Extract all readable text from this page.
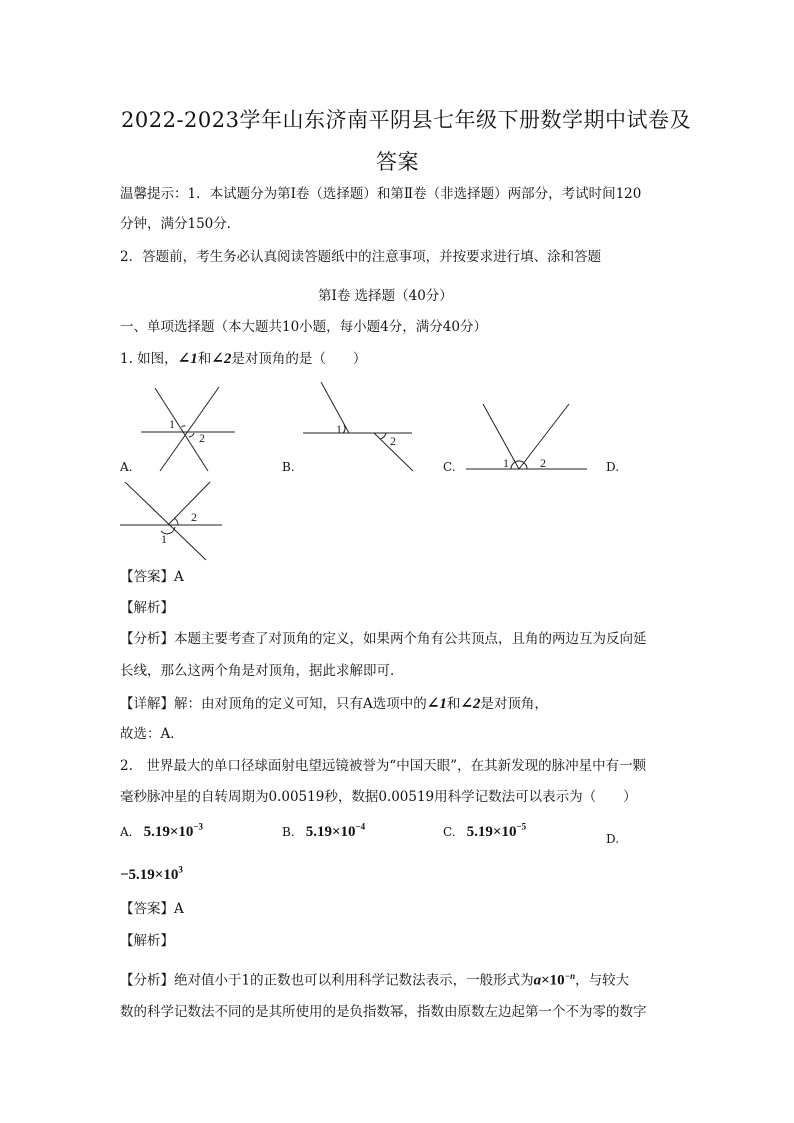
2022-2023学年山东济南平阴县七年级下册数学期中试卷及
答案
温馨提示：1．本试题分为第Ⅰ卷（选择题）和第Ⅱ卷（非选择题）两部分，考试时间120
分钟，满分150分．
2．答题前，考生务必认真阅读答题纸中的注意事项，并按要求进行填、涂和答题
第Ⅰ卷 选择题（40分）
一、单项选择题（本大题共10小题，每小题4分，满分40分）
1. 如图，∠1和∠2是对顶角的是（　　）
1
2
1
2
1	2
1
2
A.	B.	C.	D.
【答案】A
【解析】
【分析】本题主要考查了对顶角的定义，如果两个角有公共顶点，且角的两边互为反向延
长线，那么这两个角是对顶角，据此求解即可．
【详解】解：由对顶角的定义可知，只有A选项中的∠1和∠2是对顶角，
故选：A．
2.　世界最大的单口径球面射电望远镜被誉为“中国天眼”，在其新发现的脉冲星中有一颗
毫秒脉冲星的自转周期为0.00519秒，数据0.00519用科学记数法可以表示为（　　）
A. $5.19\times 10^{-3}$	B. $5.19\times 10^{-4}$	C. $5.19\times 10^{-5}$
D.
$-5.19\times 10^3$
【答案】A
【解析】
【分析】绝对值小于1的正数也可以利用科学记数法表示，一般形式为$a\times 10^{-n}$，与较大
数的科学记数法不同的是其所使用的是负指数幂，指数由原数左边起第一个不为零的数字
